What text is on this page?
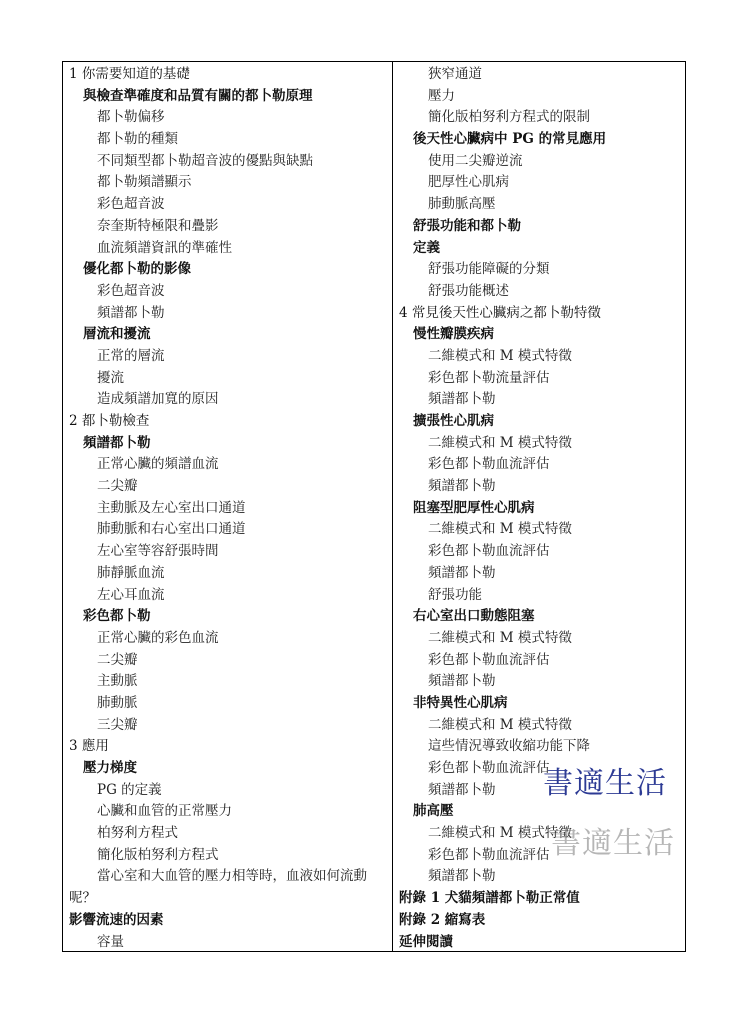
1 你需要知道的基礎
與檢查準確度和品質有關的都卜勒原理
都卜勒偏移
都卜勒的種類
不同類型都卜勒超音波的優點與缺點
都卜勒頻譜顯示
彩色超音波
奈奎斯特極限和疊影
血流頻譜資訊的準確性
優化都卜勒的影像
彩色超音波
頻譜都卜勒
層流和擾流
正常的層流
擾流
造成頻譜加寬的原因
2 都卜勒檢查
頻譜都卜勒
正常心臟的頻譜血流
二尖瓣
主動脈及左心室出口通道
肺動脈和右心室出口通道
左心室等容舒張時間
肺靜脈血流
左心耳血流
彩色都卜勒
正常心臟的彩色血流
二尖瓣
主動脈
肺動脈
三尖瓣
3 應用
壓力梯度
PG 的定義
心臟和血管的正常壓力
柏努利方程式
簡化版柏努利方程式
當心室和大血管的壓力相等時，血液如何流動
呢？
影響流速的因素
容量
狹窄通道
壓力
簡化版柏努利方程式的限制
後天性心臟病中 PG 的常見應用
使用二尖瓣逆流
肥厚性心肌病
肺動脈高壓
舒張功能和都卜勒
定義
舒張功能障礙的分類
舒張功能概述
4 常見後天性心臟病之都卜勒特徵
慢性瓣膜疾病
二維模式和 M 模式特徵
彩色都卜勒流量評估
頻譜都卜勒
擴張性心肌病
二維模式和 M 模式特徵
彩色都卜勒血流評估
頻譜都卜勒
阻塞型肥厚性心肌病
二維模式和 M 模式特徵
彩色都卜勒血流評估
頻譜都卜勒
舒張功能
右心室出口動態阻塞
二維模式和 M 模式特徵
彩色都卜勒血流評估
頻譜都卜勒
非特異性心肌病
二維模式和 M 模式特徵
這些情況導致收縮功能下降
彩色都卜勒血流評估
頻譜都卜勒
肺高壓
二維模式和 M 模式特徵
彩色都卜勒血流評估
頻譜都卜勒
附錄 1 犬貓頻譜都卜勒正常值
附錄 2 縮寫表
延伸閱讀
書適生活
書適生活
